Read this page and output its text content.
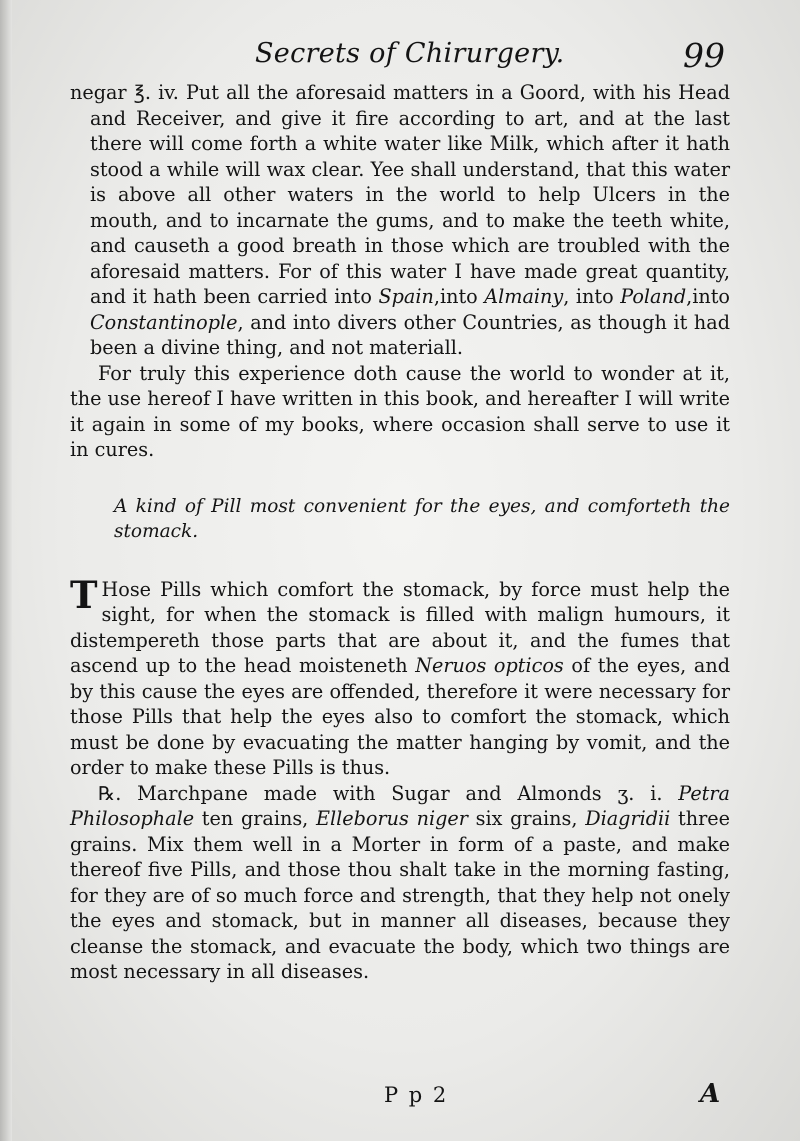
Secrets of Chirurgery.	99

negar ℥. iv. Put all the aforesaid matters in a Goord, with his Head and Receiver, and give it fire according to art, and at the last there will come forth a white water like Milk, which after it hath stood a while will wax clear. Yee shall understand, that this water is above all other waters in the world to help Ulcers in the mouth, and to incarnate the gums, and to make the teeth white, and causeth a good breath in those which are troubled with the aforesaid matters. For of this water I have made great quantity, and it hath been carried into Spain,into Almainy, into Poland,into Constantinople, and into divers other Countries, as though it had been a divine thing, and not materiall.

For truly this experience doth cause the world to wonder at it, the use hereof I have written in this book, and hereafter I will write it again in some of my books, where occasion shall serve to use it in cures.

A kind of Pill most convenient for the eyes, and comforteth the stomack.

T Hose Pills which comfort the stomack, by force must help the sight, for when the stomack is filled with malign humours, it distempereth those parts that are about it, and the fumes that ascend up to the head moisteneth Neruos opticos of the eyes, and by this cause the eyes are offended, therefore it were necessary for those Pills that help the eyes also to comfort the stomack, which must be done by evacuating the matter hanging by vomit, and the order to make these Pills is thus.

℞. Marchpane made with Sugar and Almonds ʒ. i. Petra Philosophale ten grains, Elleborus niger six grains, Diagridii three grains. Mix them well in a Morter in form of a paste, and make thereof five Pills, and those thou shalt take in the morning fasting, for they are of so much force and strength, that they help not onely the eyes and stomack, but in manner all diseases, because they cleanse the stomack, and evacuate the body, which two things are most necessary in all diseases.

P p 2	A
